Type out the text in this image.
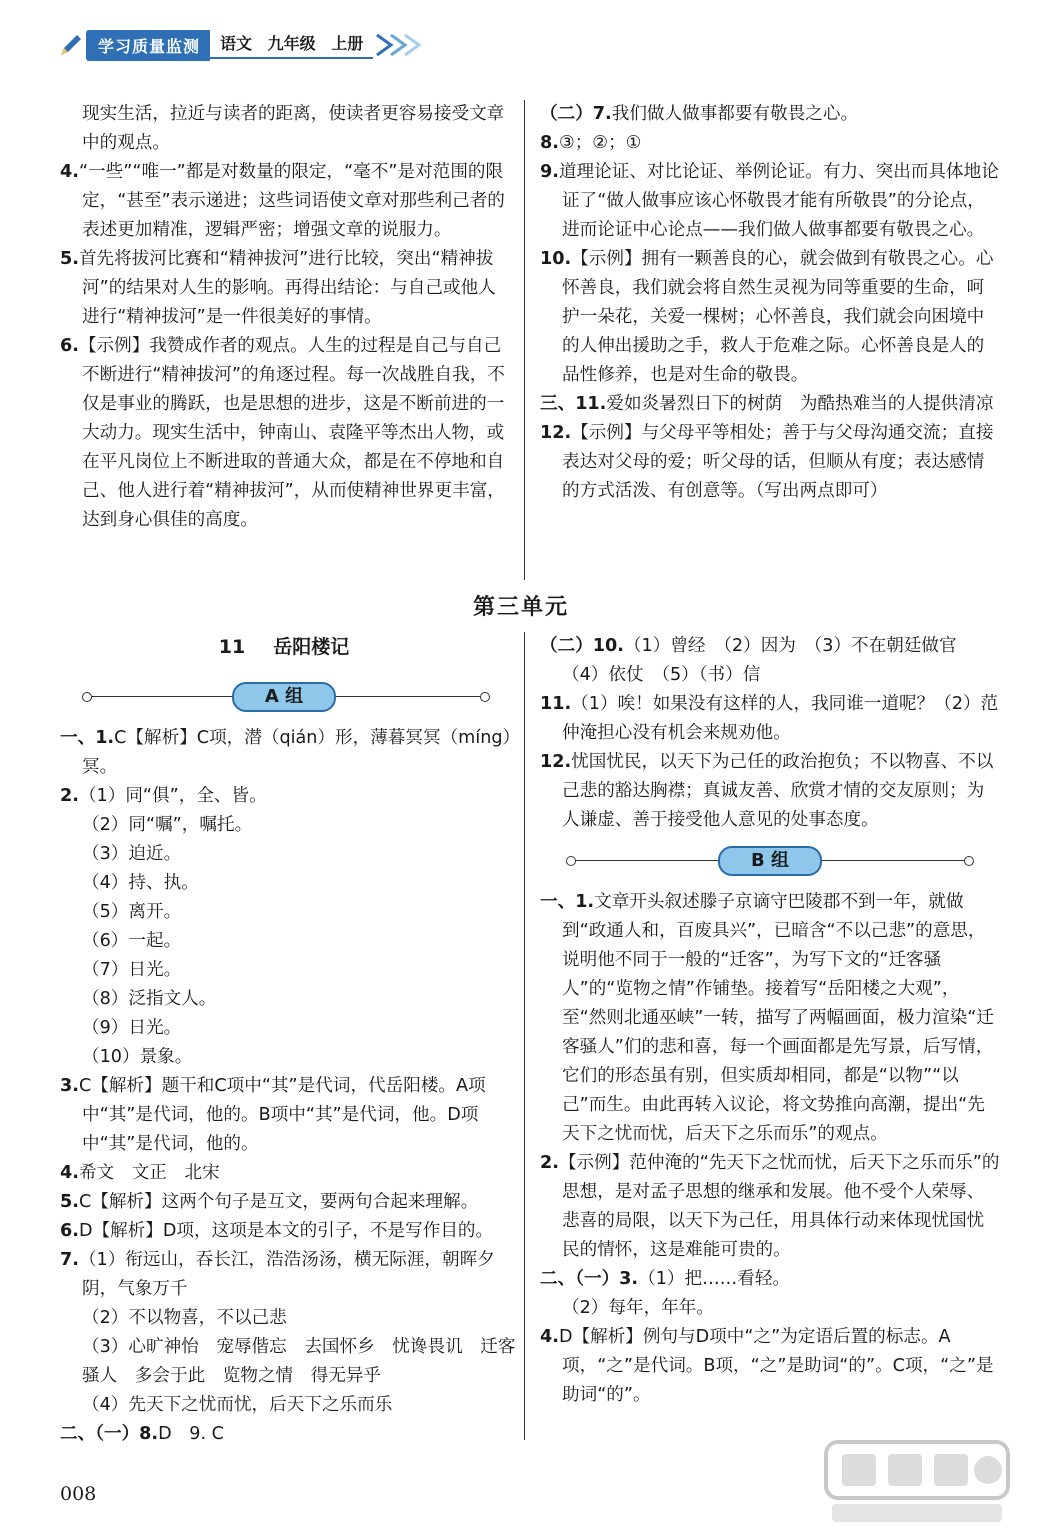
学习质量监测	语文 九年级 上册

现实生活，拉近与读者的距离，使读者更容易接受文章中的观点。

4.“一些”“唯一”都是对数量的限定，“毫不”是对范围的限定，“甚至”表示递进；这些词语使文章对那些利己者的表述更加精准，逻辑严密；增强文章的说服力。

5.首先将拔河比赛和“精神拔河”进行比较，突出“精神拔河”的结果对人生的影响。再得出结论：与自己或他人进行“精神拔河”是一件很美好的事情。

6.【示例】我赞成作者的观点。人生的过程是自己与自己不断进行“精神拔河”的角逐过程。每一次战胜自我，不仅是事业的腾跃，也是思想的进步，这是不断前进的一大动力。现实生活中，钟南山、袁隆平等杰出人物，或在平凡岗位上不断进取的普通大众，都是在不停地和自己、他人进行着“精神拔河”，从而使精神世界更丰富，达到身心俱佳的高度。

（二）7.我们做人做事都要有敬畏之心。

8.③；②；①

9.道理论证、对比论证、举例论证。有力、突出而具体地论证了“做人做事应该心怀敬畏才能有所敬畏”的分论点，进而论证中心论点——我们做人做事都要有敬畏之心。

10.【示例】拥有一颗善良的心，就会做到有敬畏之心。心怀善良，我们就会将自然生灵视为同等重要的生命，呵护一朵花，关爱一棵树；心怀善良，我们就会向困境中的人伸出援助之手，救人于危难之际。心怀善良是人的品性修养，也是对生命的敬畏。

三、11.爱如炎暑烈日下的树荫　为酷热难当的人提供清凉

12.【示例】与父母平等相处；善于与父母沟通交流；直接表达对父母的爱；听父母的话，但顺从有度；表达感情的方式活泼、有创意等。（写出两点即可）

第三单元
11 岳阳楼记
A 组

一、1.C【解析】C项，潜（qián）形，薄暮冥冥（míng）冥。

2.（1）同“俱”，全、皆。

（2）同“嘱”，嘱托。

（3）迫近。

（4）持、执。

（5）离开。

（6）一起。

（7）日光。

（8）泛指文人。

（9）日光。

（10）景象。

3.C【解析】题干和C项中“其”是代词，代岳阳楼。A项中“其”是代词，他的。B项中“其”是代词，他。D项中“其”是代词，他的。

4.希文　文正　北宋

5.C【解析】这两个句子是互文，要两句合起来理解。

6.D【解析】D项，这项是本文的引子，不是写作目的。

7.（1）衔远山，吞长江，浩浩汤汤，横无际涯，朝晖夕阴，气象万千

（2）不以物喜，不以己悲

（3）心旷神怡　宠辱偕忘　去国怀乡　忧谗畏讥　迁客骚人　多会于此　览物之情　得无异乎

（4）先天下之忧而忧，后天下之乐而乐

二、（一）8.D　9. C

（二）10.（1）曾经　（2）因为　（3）不在朝廷做官　（4）依仗　（5）（书）信

11.（1）唉！如果没有这样的人，我同谁一道呢？（2）范仲淹担心没有机会来规劝他。

12.忧国忧民，以天下为己任的政治抱负；不以物喜、不以己悲的豁达胸襟；真诚友善、欣赏才情的交友原则；为人谦虚、善于接受他人意见的处事态度。

B 组

一、1.文章开头叙述滕子京谪守巴陵郡不到一年，就做到“政通人和，百废具兴”，已暗含“不以己悲”的意思，说明他不同于一般的“迁客”，为写下文的“迁客骚人”的“览物之情”作铺垫。接着写“岳阳楼之大观”，至“然则北通巫峡”一转，描写了两幅画面，极力渲染“迁客骚人”们的悲和喜，每一个画面都是先写景，后写情，它们的形态虽有别，但实质却相同，都是“以物”“以己”而生。由此再转入议论，将文势推向高潮，提出“先天下之忧而忧，后天下之乐而乐”的观点。

2.【示例】范仲淹的“先天下之忧而忧，后天下之乐而乐”的思想，是对孟子思想的继承和发展。他不受个人荣辱、悲喜的局限，以天下为己任，用具体行动来体现忧国忧民的情怀，这是难能可贵的。

二、（一）3.（1）把……看轻。

（2）每年，年年。

4.D【解析】例句与D项中“之”为定语后置的标志。A项，“之”是代词。B项，“之”是助词“的”。C项，“之”是助词“的”。

008
